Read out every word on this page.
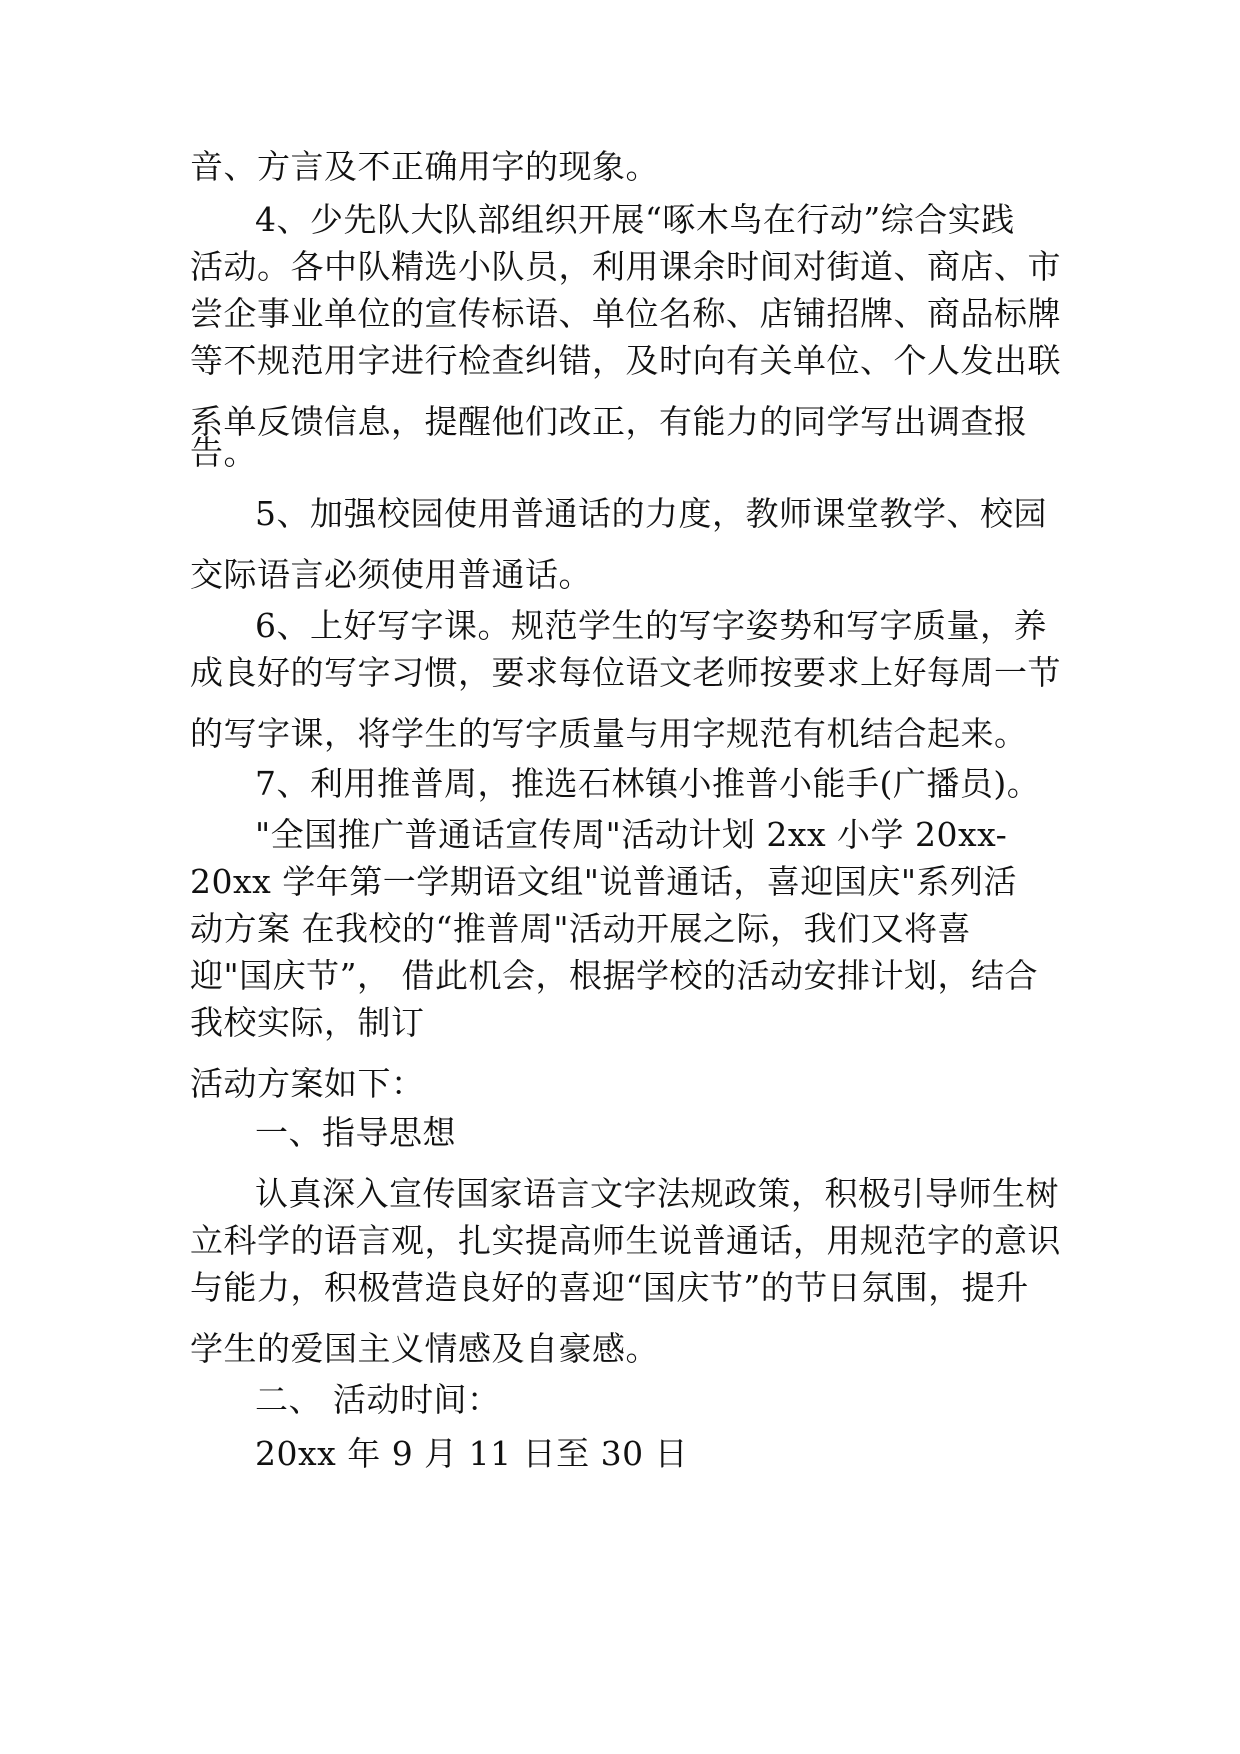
音、方言及不正确用字的现象。
4、少先队大队部组织开展“啄木鸟在行动”综合实践
活动。各中队精选小队员，利用课余时间对街道、商店、市
尝企事业单位的宣传标语、单位名称、店铺招牌、商品标牌
等不规范用字进行检查纠错，及时向有关单位、个人发出联
系单反馈信息，提醒他们改正，有能力的同学写出调查报
告。
5、加强校园使用普通话的力度，教师课堂教学、校园
交际语言必须使用普通话。
6、上好写字课。规范学生的写字姿势和写字质量，养
成良好的写字习惯，要求每位语文老师按要求上好每周一节
的写字课，将学生的写字质量与用字规范有机结合起来。
7、利用推普周，推选石林镇小推普小能手(广播员)。
"全国推广普通话宣传周"活动计划 2xx 小学 20xx-
20xx 学年第一学期语文组"说普通话，喜迎国庆"系列活
动方案 在我校的“推普周"活动开展之际，我们又将喜
迎"国庆节”， 借此机会，根据学校的活动安排计划，结合
我校实际，制订
活动方案如下：
一、指导思想
认真深入宣传国家语言文字法规政策，积极引导师生树
立科学的语言观，扎实提高师生说普通话，用规范字的意识
与能力，积极营造良好的喜迎“国庆节”的节日氛围，提升
学生的爱国主义情感及自豪感。
二、 活动时间：
20xx 年 9 月 11 日至 30 日
